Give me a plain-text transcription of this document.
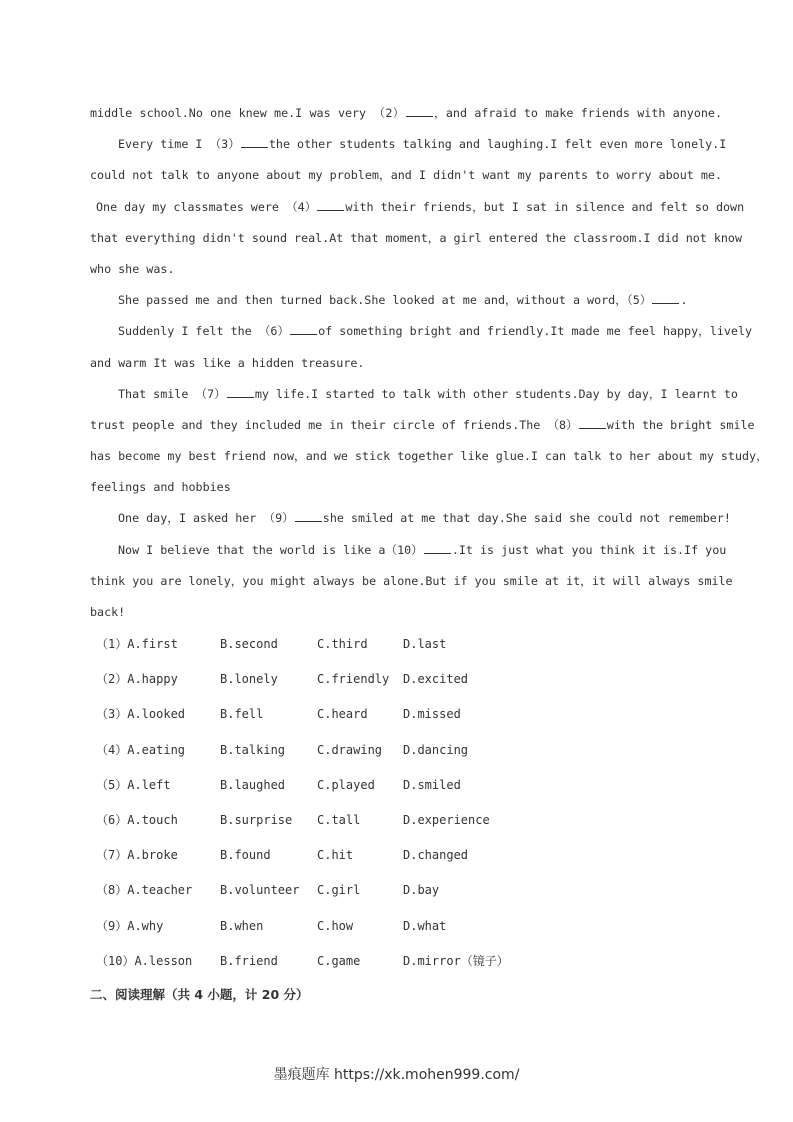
middle school.No one knew me.I was very （2） ，and afraid to make friends with anyone.
Every time I （3） the other students talking and laughing.I felt even more lonely.I
could not talk to anyone about my problem，and I didn't want my parents to worry about me.
One day my classmates were （4） with their friends，but I sat in silence and felt so down
that everything didn't sound real.At that moment，a girl entered the classroom.I did not know
who she was.
She passed me and then turned back.She looked at me and，without a word，（5） .
Suddenly I felt the （6） of something bright and friendly.It made me feel happy，lively
and warm It was like a hidden treasure.
That smile （7） my life.I started to talk with other students.Day by day，I learnt to
trust people and they included me in their circle of friends.The （8） with the bright smile
has become my best friend now，and we stick together like glue.I can talk to her about my study，
feelings and hobbies
One day，I asked her （9） she smiled at me that day.She said she could not remember!
Now I believe that the world is like a（10） .It is just what you think it is.If you
think you are lonely，you might always be alone.But if you smile at it，it will always smile
back!
（1）A.first	B.second	C.third	D.last
（2）A.happy	B.lonely	C.friendly D.excited
（3）A.looked	B.fell	C.heard	D.missed
（4）A.eating	B.talking	C.drawing D.dancing
（5）A.left	B.laughed	C.played D.smiled
（6）A.touch	B.surprise C.tall	D.experience
（7）A.broke	B.found	C.hit	D.changed
（8）A.teacher B.volunteer C.girl	D.bay
（9）A.why	B.when	C.how	D.what
（10）A.lesson B.friend	C.game	D.mirror（镜子）
二、阅读理解（共 4 小题，计 20 分）
墨痕题库 https://xk.mohen999.com/
